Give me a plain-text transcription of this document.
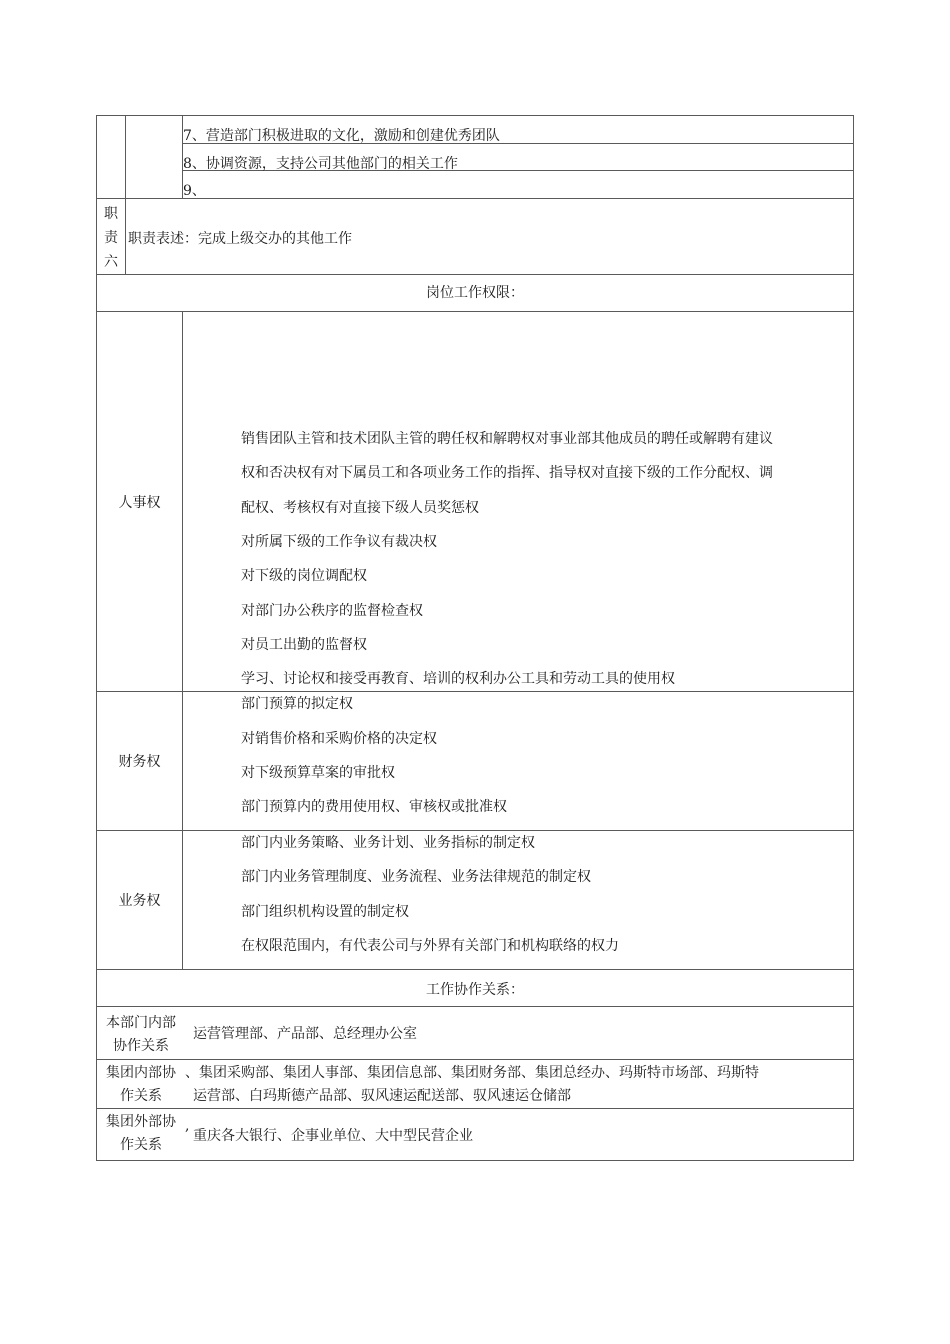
7、营造部门积极进取的文化，激励和创建优秀团队
8、协调资源，支持公司其他部门的相关工作
9、
职
责
六
职责表述：完成上级交办的其他工作
岗位工作权限：
人事权
销售团队主管和技术团队主管的聘任权和解聘权对事业部其他成员的聘任或解聘有建议
权和否决权有对下属员工和各项业务工作的指挥、指导权对直接下级的工作分配权、调
配权、考核权有对直接下级人员奖惩权
对所属下级的工作争议有裁决权
对下级的岗位调配权
对部门办公秩序的监督检查权
对员工出勤的监督权
学习、讨论权和接受再教育、培训的权利办公工具和劳动工具的使用权
财务权
部门预算的拟定权
对销售价格和采购价格的决定权
对下级预算草案的审批权
部门预算内的费用使用权、审核权或批准权
业务权
部门内业务策略、业务计划、业务指标的制定权
部门内业务管理制度、业务流程、业务法律规范的制定权
部门组织机构设置的制定权
在权限范围内，有代表公司与外界有关部门和机构联络的权力
工作协作关系：
本部门内部
协作关系
运营管理部、产品部、总经理办公室
集团内部协
作关系
、集团采购部、集团人事部、集团信息部、集团财务部、集团总经办、玛斯特市场部、玛斯特
运营部、白玛斯德产品部、驭风速运配送部、驭风速运仓储部
集团外部协
作关系
,
重庆各大银行、企事业单位、大中型民营企业
